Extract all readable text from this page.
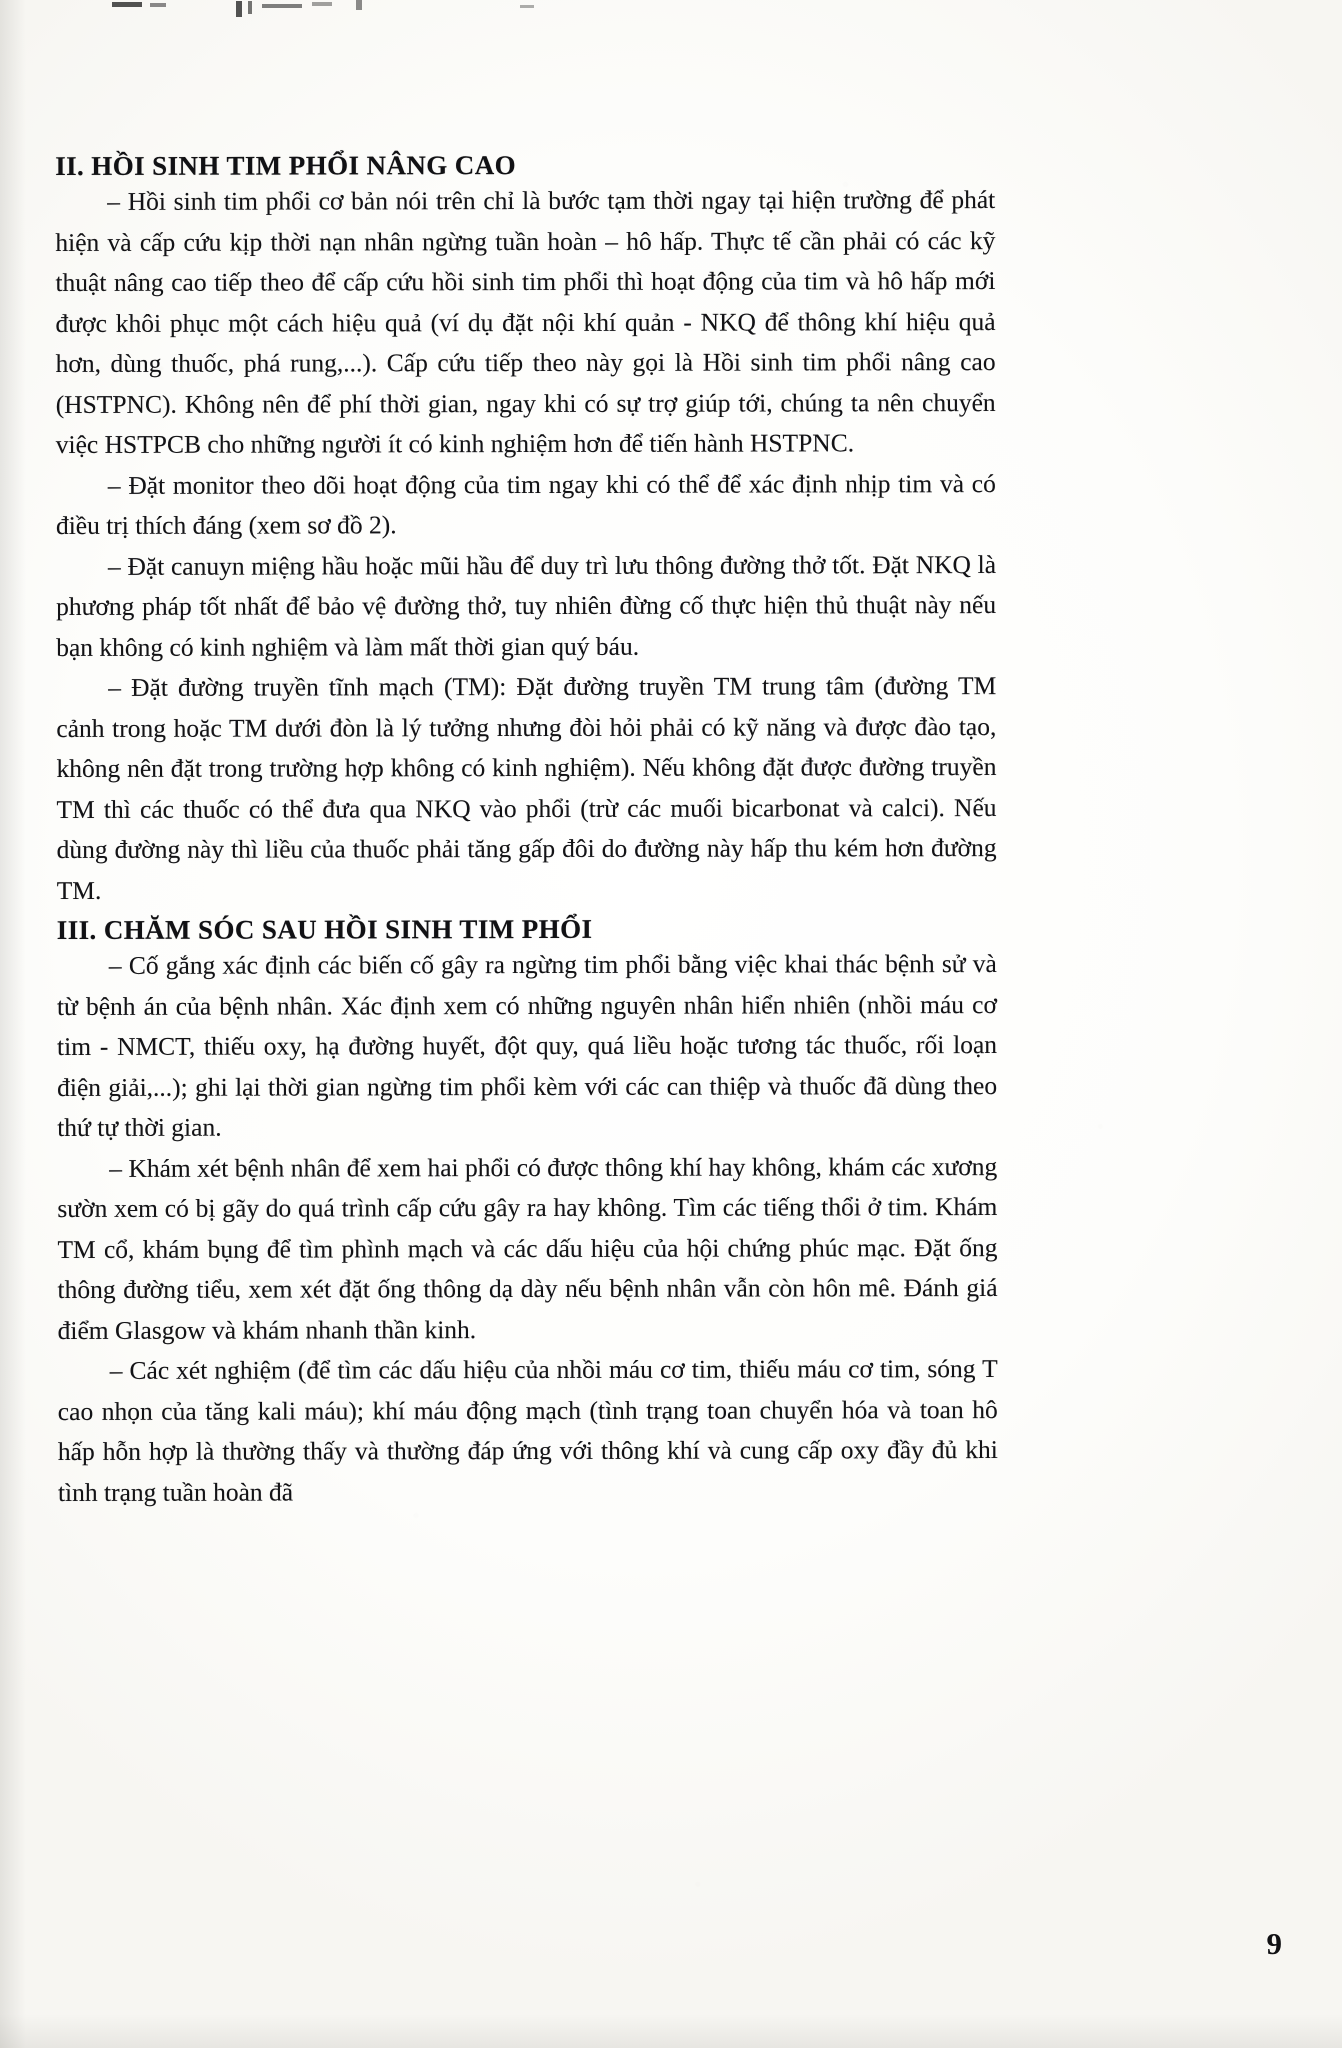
II. HỒI SINH TIM PHỔI NÂNG CAO

– Hồi sinh tim phổi cơ bản nói trên chỉ là bước tạm thời ngay tại hiện trường để phát hiện và cấp cứu kịp thời nạn nhân ngừng tuần hoàn – hô hấp. Thực tế cần phải có các kỹ thuật nâng cao tiếp theo để cấp cứu hồi sinh tim phổi thì hoạt động của tim và hô hấp mới được khôi phục một cách hiệu quả (ví dụ đặt nội khí quản - NKQ để thông khí hiệu quả hơn, dùng thuốc, phá rung,...). Cấp cứu tiếp theo này gọi là Hồi sinh tim phổi nâng cao (HSTPNC). Không nên để phí thời gian, ngay khi có sự trợ giúp tới, chúng ta nên chuyển việc HSTPCB cho những người ít có kinh nghiệm hơn để tiến hành HSTPNC.

– Đặt monitor theo dõi hoạt động của tim ngay khi có thể để xác định nhịp tim và có điều trị thích đáng (xem sơ đồ 2).

– Đặt canuyn miệng hầu hoặc mũi hầu để duy trì lưu thông đường thở tốt. Đặt NKQ là phương pháp tốt nhất để bảo vệ đường thở, tuy nhiên đừng cố thực hiện thủ thuật này nếu bạn không có kinh nghiệm và làm mất thời gian quý báu.

– Đặt đường truyền tĩnh mạch (TM): Đặt đường truyền TM trung tâm (đường TM cảnh trong hoặc TM dưới đòn là lý tưởng nhưng đòi hỏi phải có kỹ năng và được đào tạo, không nên đặt trong trường hợp không có kinh nghiệm). Nếu không đặt được đường truyền TM thì các thuốc có thể đưa qua NKQ vào phổi (trừ các muối bicarbonat và calci). Nếu dùng đường này thì liều của thuốc phải tăng gấp đôi do đường này hấp thu kém hơn đường TM.

III. CHĂM SÓC SAU HỒI SINH TIM PHỔI

– Cố gắng xác định các biến cố gây ra ngừng tim phổi bằng việc khai thác bệnh sử và từ bệnh án của bệnh nhân. Xác định xem có những nguyên nhân hiển nhiên (nhồi máu cơ tim - NMCT, thiếu oxy, hạ đường huyết, đột quy, quá liều hoặc tương tác thuốc, rối loạn điện giải,...); ghi lại thời gian ngừng tim phổi kèm với các can thiệp và thuốc đã dùng theo thứ tự thời gian.

– Khám xét bệnh nhân để xem hai phổi có được thông khí hay không, khám các xương sườn xem có bị gãy do quá trình cấp cứu gây ra hay không. Tìm các tiếng thổi ở tim. Khám TM cổ, khám bụng để tìm phình mạch và các dấu hiệu của hội chứng phúc mạc. Đặt ống thông đường tiểu, xem xét đặt ống thông dạ dày nếu bệnh nhân vẫn còn hôn mê. Đánh giá điểm Glasgow và khám nhanh thần kinh.

– Các xét nghiệm (để tìm các dấu hiệu của nhồi máu cơ tim, thiếu máu cơ tim, sóng T cao nhọn của tăng kali máu); khí máu động mạch (tình trạng toan chuyển hóa và toan hô hấp hỗn hợp là thường thấy và thường đáp ứng với thông khí và cung cấp oxy đầy đủ khi tình trạng tuần hoàn đã

9
